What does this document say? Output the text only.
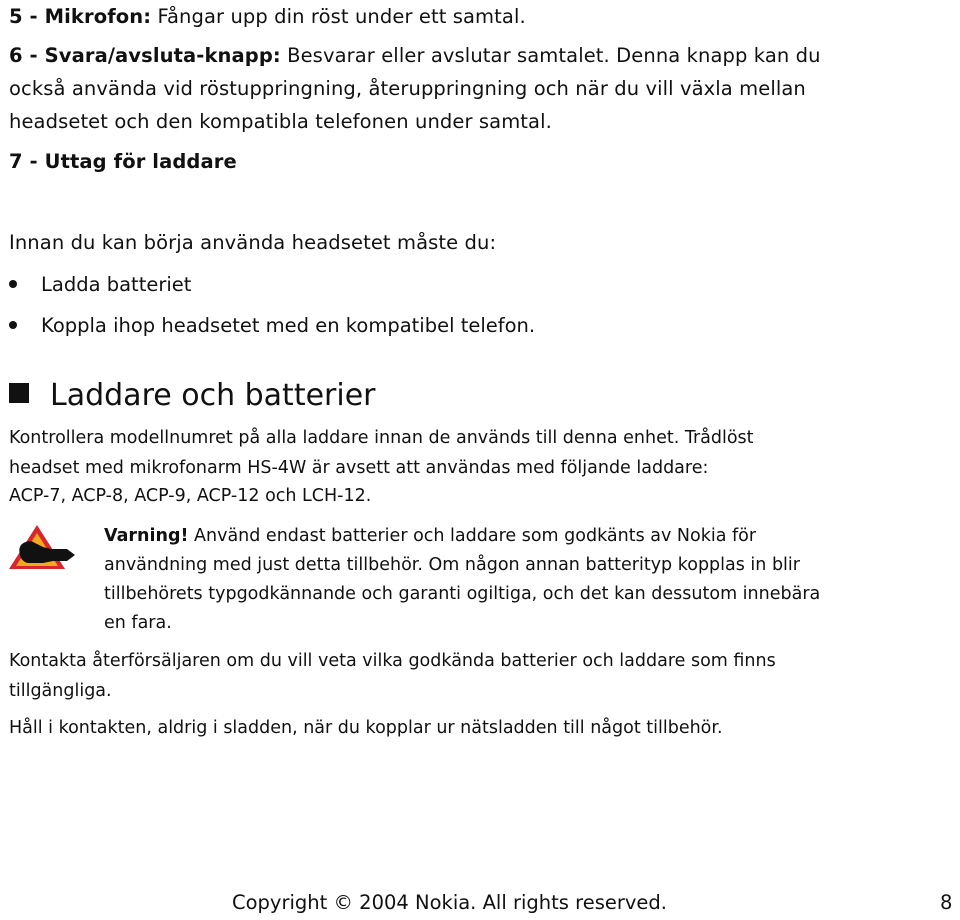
5 - Mikrofon: Fångar upp din röst under ett samtal.
6 - Svara/avsluta-knapp: Besvarar eller avslutar samtalet. Denna knapp kan du
också använda vid röstuppringning, återuppringning och när du vill växla mellan
headsetet och den kompatibla telefonen under samtal.
7 - Uttag för laddare
Innan du kan börja använda headsetet måste du:
Ladda batteriet
Koppla ihop headsetet med en kompatibel telefon.
Laddare och batterier
Kontrollera modellnumret på alla laddare innan de används till denna enhet. Trådlöst
headset med mikrofonarm HS-4W är avsett att användas med följande laddare:
ACP-7, ACP-8, ACP-9, ACP-12 och LCH-12.
Varning! Använd endast batterier och laddare som godkänts av Nokia för
användning med just detta tillbehör. Om någon annan batterityp kopplas in blir
tillbehörets typgodkännande och garanti ogiltiga, och det kan dessutom innebära
en fara.
Kontakta återförsäljaren om du vill veta vilka godkända batterier och laddare som finns
tillgängliga.
Håll i kontakten, aldrig i sladden, när du kopplar ur nätsladden till något tillbehör.
Copyright © 2004 Nokia. All rights reserved.	8
